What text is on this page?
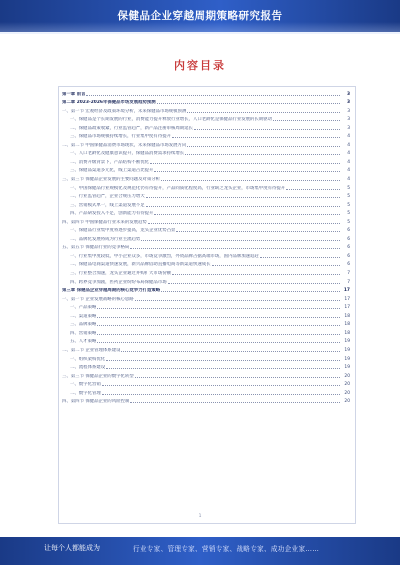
保健品企业穿越周期策略研究报告
内容目录
第一章 前言	3
第二章 2023-2026年保健品市场发展趋势预测	3
一、第一节 宏观经济及政策环境分析，未来保健品市场规模预测	3
一、保健品是个长期发展的行业，消费能力提升释放行业增长，人口老龄化是保健品行业发展的长期驱动	3
二、保健品政策收紧，行业监管趋严，新产品注册审核周期延长	3
三、保健品市场规模持续增长，行业集中度有待提升	4
二、第二节 中国保健品消费市场现状，未来保健品市场发展方向	4
一、人口老龄化及健康意识提升，保健品消费需求持续增长	4
二、消费升级背景下，产品结构不断优化	4
三、保健品渠道多元化，线上渠道占比提升	4
三、第三节 保健品企业发展的主要问题及对策分析	4
一、中国保健品行业规模化及规范化仍有待提升，产品同质化程度高，行业缺乏龙头企业，市场集中度有待提升	5
二、行业监管趋严，企业合规压力增大	5
三、营销模式单一，线上渠道发展不足	5
四、产品研发投入不足，创新能力有待提升	5
四、第四节 中国保健品行业未来的发展趋势	5
一、保健品行业集中度将逐步提高，龙头企业优势凸显	6
二、品牌化发展将成为行业主流趋势	6
五、第五节 保健品行业的竞争格局	6
一、行业集中度较低，中小企业众多，市场竞争激烈，外资品牌占据高端市场，国内品牌加速追赶	6
二、保健品电商渠道快速发展，新兴品牌借助直播电商等新渠道快速成长	6
三、行业整合加速，龙头企业通过并购扩大市场份额	7
四、跨界竞争加剧，医药企业纷纷布局保健品市场	7
第三章 保健品企业穿越周期的核心竞争力打造策略	17
一、第一节 企业发展战略的核心思路	17
一、产品策略	17
二、渠道策略	18
三、品牌策略	18
四、营销策略	18
五、人才策略	19
二、第二节 企业管理体系建设	19
一、组织架构优化	19
二、流程体系建设	19
三、第三节 保健品企业的数字化转型	20
一、数字化营销	20
二、数字化管理	20
四、第四节 保健品企业的风险控制	20
1
让每个人都能成为	行业专家、管理专家、营销专家、战略专家、成功企业家……
